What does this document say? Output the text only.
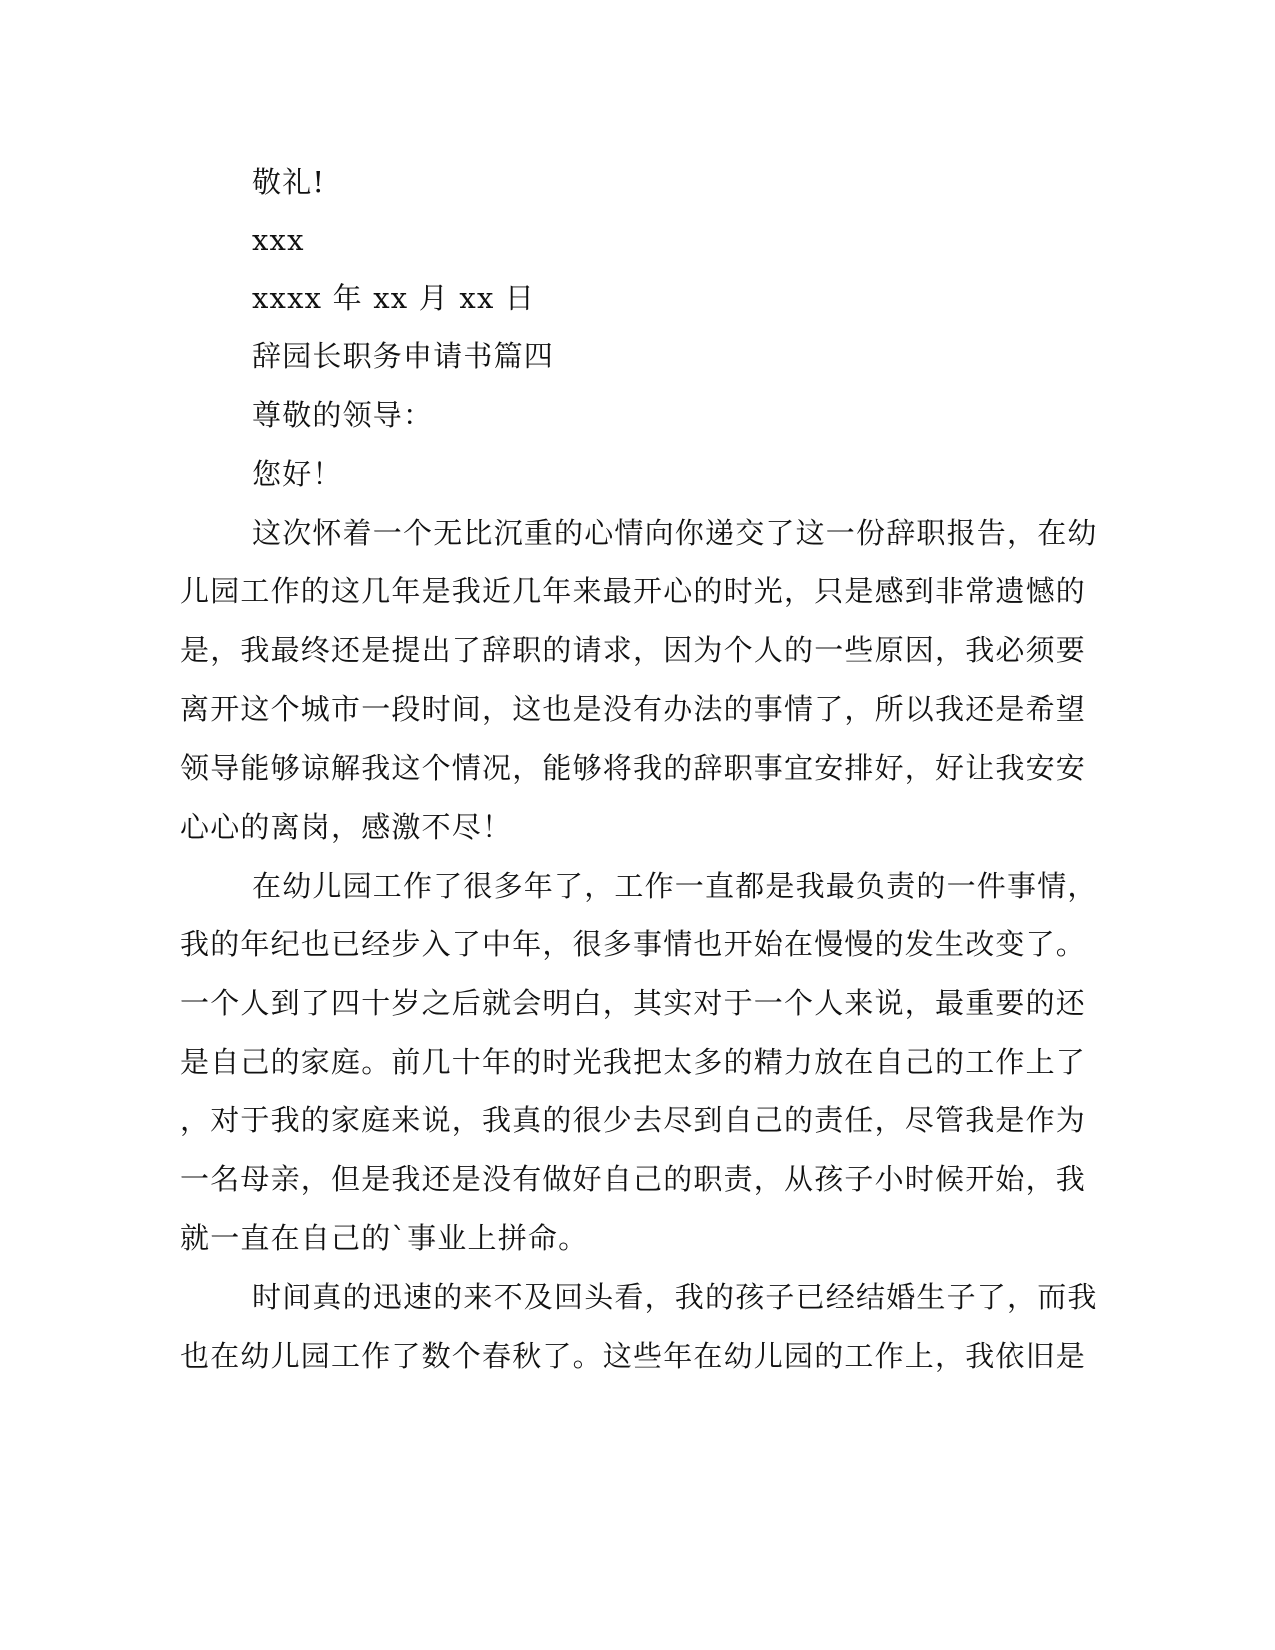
敬礼!
xxx
xxxx 年 xx 月 xx 日
辞园长职务申请书篇四
尊敬的领导：
您好！
这次怀着一个无比沉重的心情向你递交了这一份辞职报告，在幼
儿园工作的这几年是我近几年来最开心的时光，只是感到非常遗憾的
是，我最终还是提出了辞职的请求，因为个人的一些原因，我必须要
离开这个城市一段时间，这也是没有办法的事情了，所以我还是希望
领导能够谅解我这个情况，能够将我的辞职事宜安排好，好让我安安
心心的离岗，感激不尽！
在幼儿园工作了很多年了，工作一直都是我最负责的一件事情，
我的年纪也已经步入了中年，很多事情也开始在慢慢的发生改变了。
一个人到了四十岁之后就会明白，其实对于一个人来说，最重要的还
是自己的家庭。前几十年的时光我把太多的精力放在自己的工作上了
，对于我的家庭来说，我真的很少去尽到自己的责任，尽管我是作为
一名母亲，但是我还是没有做好自己的职责，从孩子小时候开始，我
就一直在自己的`事业上拼命。
时间真的迅速的来不及回头看，我的孩子已经结婚生子了，而我
也在幼儿园工作了数个春秋了。这些年在幼儿园的工作上，我依旧是
